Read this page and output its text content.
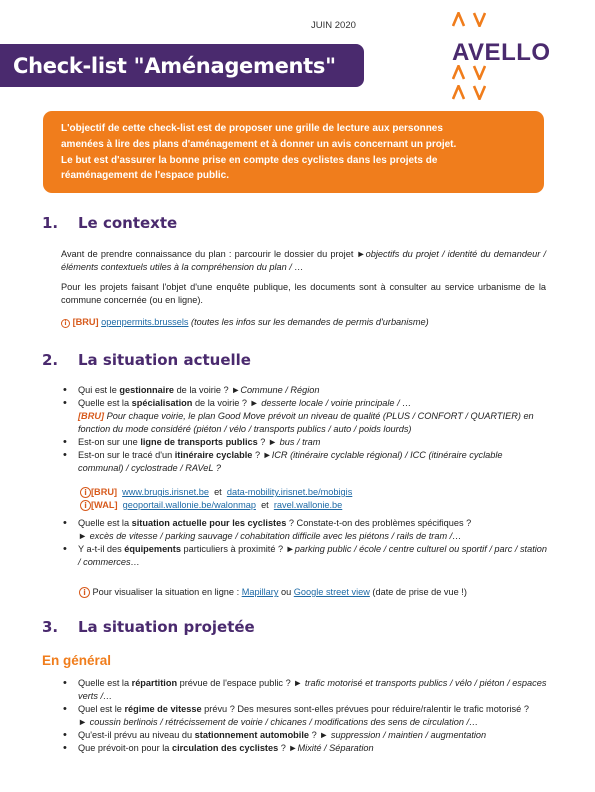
JUIN 2020
AVELLO
Check-list "Aménagements"
L'objectif de cette check-list est de proposer une grille de lecture aux personnes
amenées à lire des plans d'aménagement et à donner un avis concernant un projet.
Le but est d'assurer la bonne prise en compte des cyclistes dans les projets de
réaménagement de l'espace public.
1. Le contexte
Avant de prendre connaissance du plan : parcourir le dossier du projet ►objectifs du projet / identité du demandeur / éléments contextuels utiles à la compréhension du plan / …
Pour les projets faisant l'objet d'une enquête publique, les documents sont à consulter au service urbanisme de la commune concernée (ou en ligne).
i [BRU] openpermits.brussels (toutes les infos sur les demandes de permis d'urbanisme)
2. La situation actuelle
• Qui est le gestionnaire de la voirie ? ►Commune / Région
• Quelle est la spécialisation de la voirie ? ► desserte locale / voirie principale / …
[BRU] Pour chaque voirie, le plan Good Move prévoit un niveau de qualité (PLUS / CONFORT / QUARTIER) en fonction du mode considéré (piéton / vélo / transports publics / auto / poids lourds)
• Est-on sur une ligne de transports publics ? ► bus / tram
• Est-on sur le tracé d'un itinéraire cyclable ? ►ICR (itinéraire cyclable régional) / ICC (itinéraire cyclable communal) / cyclostrade / RAVeL ?
i [BRU] www.brugis.irisnet.be et data-mobility.irisnet.be/mobigis
i [WAL] geoportail.wallonie.be/walonmap et ravel.wallonie.be
• Quelle est la situation actuelle pour les cyclistes ? Constate-t-on des problèmes spécifiques ?
► excès de vitesse / parking sauvage / cohabitation difficile avec les piétons / rails de tram /…
• Y a-t-il des équipements particuliers à proximité ? ►parking public / école / centre culturel ou sportif / parc / station / commerces…
i Pour visualiser la situation en ligne : Mapillary ou Google street view (date de prise de vue !)
3. La situation projetée
En général
• Quelle est la répartition prévue de l'espace public ? ► trafic motorisé et transports publics / vélo / piéton / espaces verts /…
• Quel est le régime de vitesse prévu ? Des mesures sont-elles prévues pour réduire/ralentir le trafic motorisé ?
► coussin berlinois / rétrécissement de voirie / chicanes / modifications des sens de circulation /…
• Qu'est-il prévu au niveau du stationnement automobile ? ► suppression / maintien / augmentation
• Que prévoit-on pour la circulation des cyclistes ? ►Mixité / Séparation
